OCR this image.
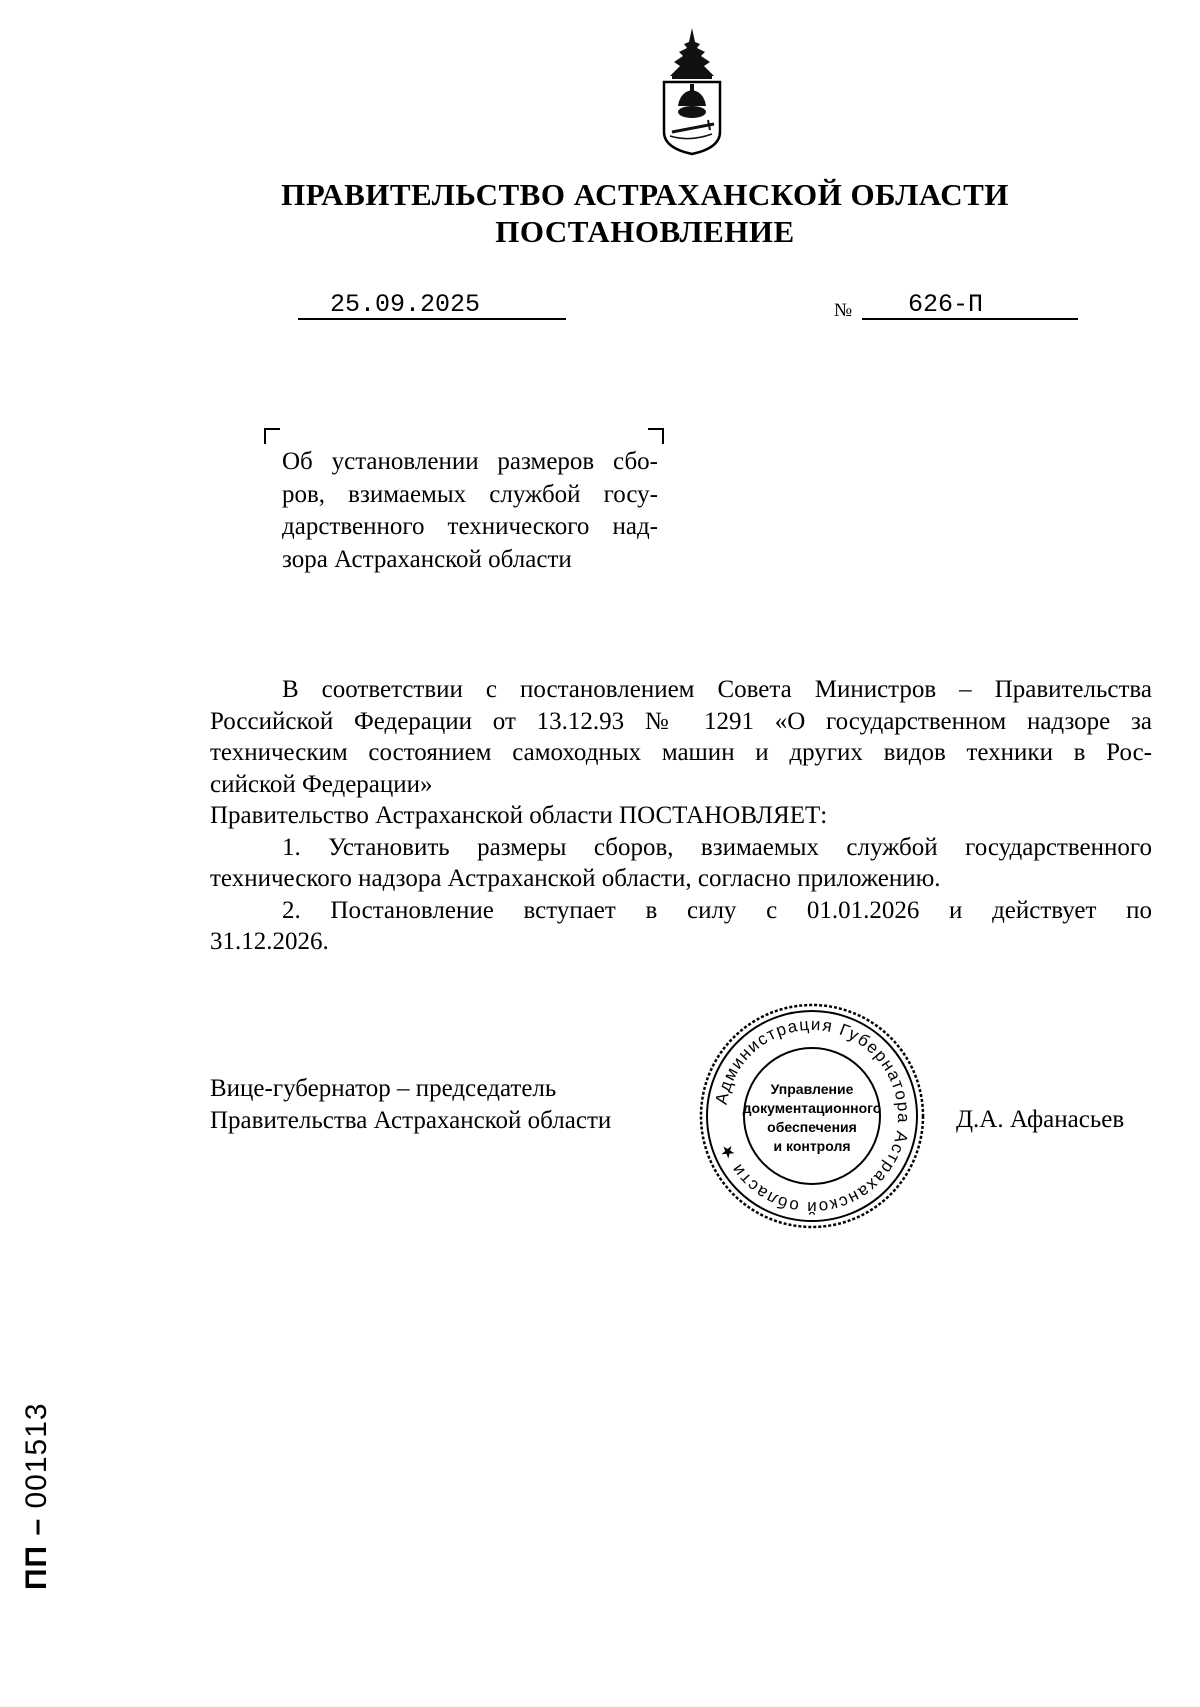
ПРАВИТЕЛЬСТВО АСТРАХАНСКОЙ ОБЛАСТИ
ПОСТАНОВЛЕНИЕ
25.09.2025	№ 626-П
Об установлении размеров сбо-
ров, взимаемых службой госу-
дарственного технического над-
зора Астраханской области
В соответствии с постановлением Совета Министров – Правительства
Российской Федерации от 13.12.93 № 1291 «О государственном надзоре за
техническим состоянием самоходных машин и других видов техники в Рос-
сийской Федерации»
Правительство Астраханской области ПОСТАНОВЛЯЕТ:
1. Установить размеры сборов, взимаемых службой государственного
технического надзора Астраханской области, согласно приложению.
2. Постановление вступает в силу с 01.01.2026 и действует по
31.12.2026.
Вице-губернатор – председатель
Правительства Астраханской области	Д.А. Афанасьев
Администрация Губернатора Астраханской области ★
Управление
документационного
обеспечения
и контроля
ПП – 001513
